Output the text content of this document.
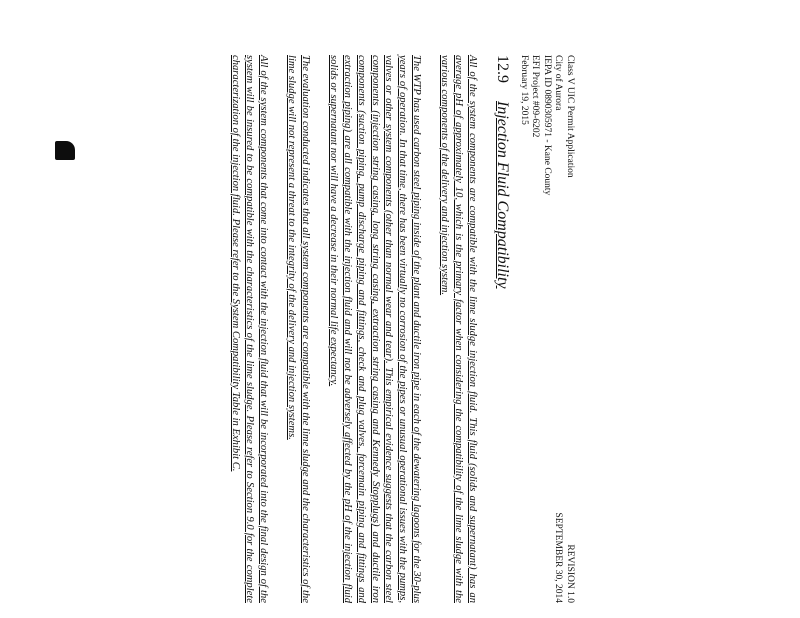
Class V UIC Permit Application
City of Aurora
IEPA ID 0890305971 - Kane County
EFI Project #09-6202
February 19, 2015
REVISION 1.0
SEPTEMBER 30, 2014
12.9 Injection Fluid Compatibility

All of the system components are compatible with the lime sludge injection fluid. This fluid (solids and supernatant) has an average pH of approximately 10, which is the primary factor when considering the compatibility of the lime sludge with the various components of the delivery and injection system.

The WTP has used carbon steel piping inside of the plant and ductile iron pipe in each of the dewatering lagoons for the 30-plus years of operation. In that time, there has been virtually no corrosion of the pipes or unusual operational issues with the pumps, valves or other system components (other than normal wear and tear). This empirical evidence suggests that the carbon steel components (injection string casing, long string casing, extraction string casing and Kennedy Stopplugs) and ductile iron components (suction piping, pump discharge piping and fittings, check and plug valves, forcemain piping and fittings and extraction piping) are all compatible with the injection fluid and will not be adversely affected by the pH of the injection fluid solids or supernatant nor will have a decrease in their normal life expectancy.

The evaluation conducted indicates that all system components are compatible with the lime sludge and the characteristics of the lime sludge will not represent a threat to the integrity of the delivery and injection systems.

All of the system components that come into contact with the injection fluid that will be incorporated into the final design of the system will be insured to be compatible with the characteristics of the lime sludge. Please refer to Section 9.0 for the complete characterization of the injection fluid. Please refer to the System Compatibility Table in Exhibit C.
